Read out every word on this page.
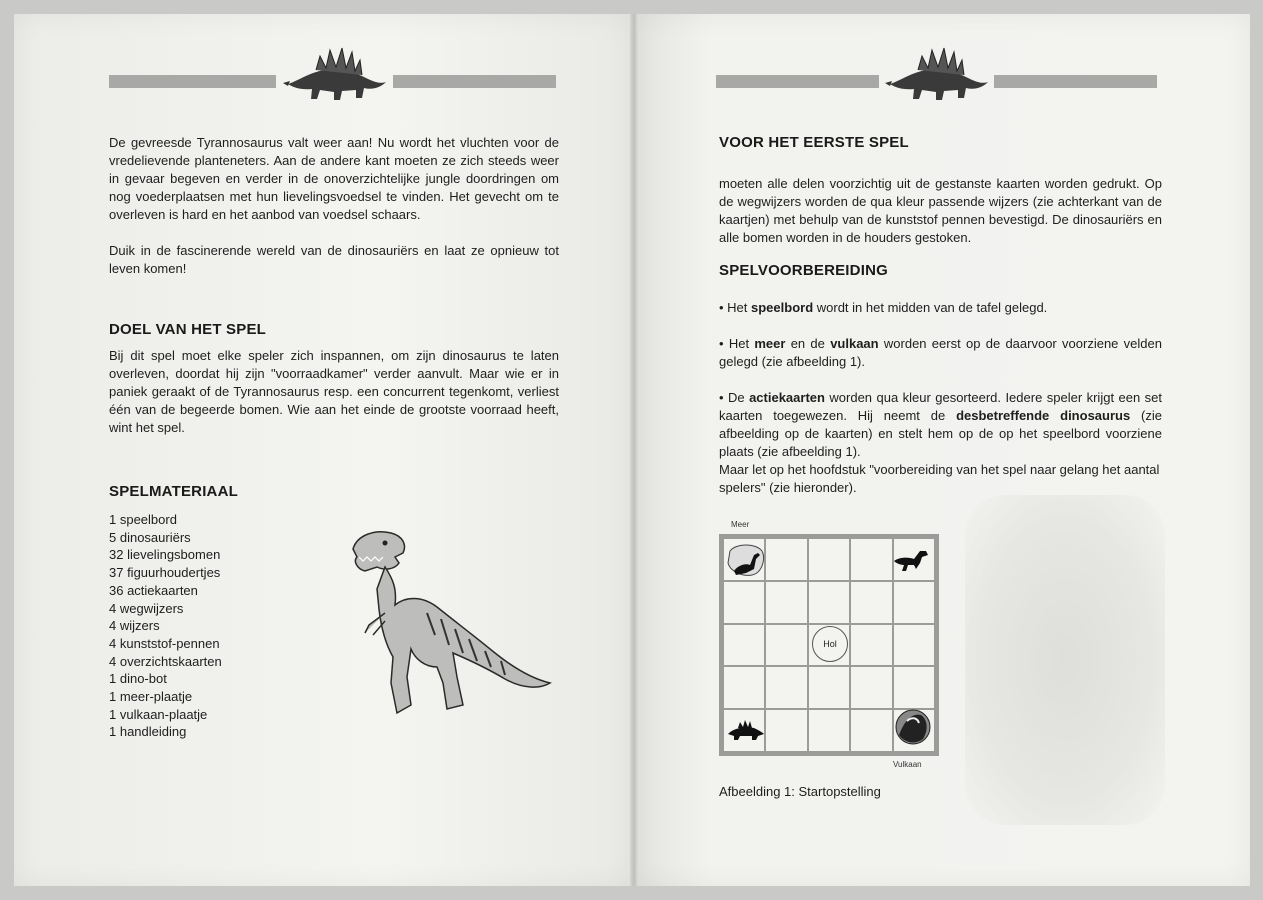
De gevreesde Tyrannosaurus valt weer aan! Nu wordt het vluchten voor de vredelievende planteneters. Aan de andere kant moeten ze zich steeds weer in gevaar begeven en verder in de onoverzichtelijke jungle doordringen om nog voederplaatsen met hun lievelingsvoedsel te vinden. Het gevecht om te overleven is hard en het aanbod van voedsel schaars.

Duik in de fascinerende wereld van de dinosauriërs en laat ze opnieuw tot leven komen!

DOEL VAN HET SPEL

Bij dit spel moet elke speler zich inspannen, om zijn dinosaurus te laten overleven, doordat hij zijn "voorraadkamer" verder aanvult. Maar wie er in paniek geraakt of de Tyrannosaurus resp. een concurrent tegenkomt, verliest één van de begeerde bomen. Wie aan het einde de grootste voorraad heeft, wint het spel.

SPELMATERIAAL
1 speelbord
5 dinosauriërs
32 lievelingsbomen
37 figuurhoudertjes
36 actiekaarten
4 wegwijzers
4 wijzers
4 kunststof-pennen
4 overzichtskaarten
1 dino-bot
1 meer-plaatje
1 vulkaan-plaatje
1 handleiding
VOOR HET EERSTE SPEL

moeten alle delen voorzichtig uit de gestanste kaarten worden gedrukt. Op de wegwijzers worden de qua kleur passende wijzers (zie achterkant van de kaartjen) met behulp van de kunststof pennen bevestigd. De dinosauriërs en alle bomen worden in de houders gestoken.

SPELVOORBEREIDING

• Het speelbord wordt in het midden van de tafel gelegd.

• Het meer en de vulkaan worden eerst op de daarvoor voorziene velden gelegd (zie afbeelding 1).

• De actiekaarten worden qua kleur gesorteerd. Iedere speler krijgt een set kaarten toegewezen. Hij neemt de desbetreffende dinosaurus (zie afbeelding op de kaarten) en stelt hem op de op het speelbord voorziene plaats (zie afbeelding 1).

Maar let op het hoofdstuk "voorbereiding van het spel naar gelang het aantal spelers" (zie hieronder).

Meer
Hol
Vulkaan
Afbeelding 1: Startopstelling
